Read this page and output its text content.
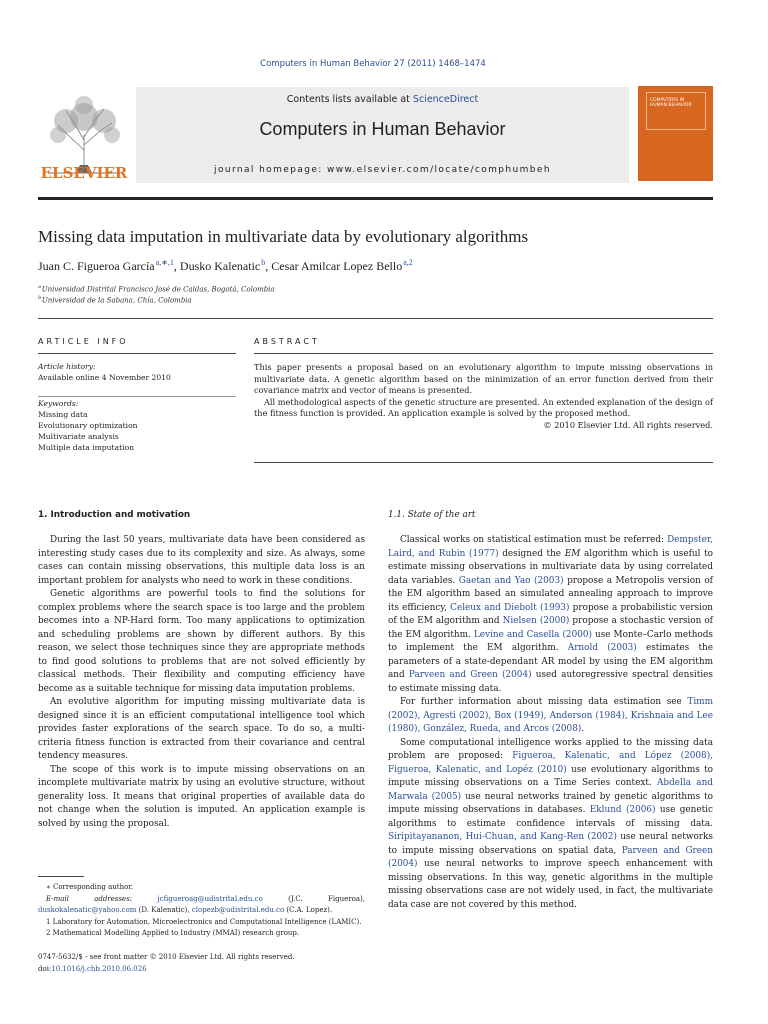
Computers in Human Behavior 27 (2011) 1468–1474
ELSEVIER
Contents lists available at ScienceDirect
Computers in Human Behavior
journal homepage: www.elsevier.com/locate/comphumbeh
COMPUTERS IN HUMAN BEHAVIOR
Missing data imputation in multivariate data by evolutionary algorithms
Juan C. Figueroa García $^{a,∗,1}$, Dusko Kalenatic $^b$, Cesar Amilcar Lopez Bello $^{a,2}$
$^a$ Universidad Distrital Francisco José de Caldas, Bogotá, Colombia
$^b$ Universidad de la Sabana, Chía, Colombia
ARTICLE INFO
Article history:
Available online 4 November 2010
Keywords:
Missing data
Evolutionary optimization
Multivariate analysis
Multiple data imputation
ABSTRACT

This paper presents a proposal based on an evolutionary algorithm to impute missing observations in multivariate data. A genetic algorithm based on the minimization of an error function derived from their covariance matrix and vector of means is presented.

All methodological aspects of the genetic structure are presented. An extended explanation of the design of the fitness function is provided. An application example is solved by the proposed method.

© 2010 Elsevier Ltd. All rights reserved.

1. Introduction and motivation

During the last 50 years, multivariate data have been considered as interesting study cases due to its complexity and size. As always, some cases can contain missing observations, this multiple data loss is an important problem for analysts who need to work in these conditions.

Genetic algorithms are powerful tools to find the solutions for complex problems where the search space is too large and the problem becomes into a NP-Hard form. Too many applications to optimization and scheduling problems are shown by different authors. By this reason, we select those techniques since they are appropriate methods to find good solutions to problems that are not solved efficiently by classical methods. Their flexibility and computing efficiency have become as a suitable technique for missing data imputation problems.

An evolutive algorithm for imputing missing multivariate data is designed since it is an efficient computational intelligence tool which provides faster explorations of the search space. To do so, a multi-criteria fitness function is extracted from their covariance and central tendency measures.

The scope of this work is to impute missing observations on an incomplete multivariate matrix by using an evolutive structure, without generality loss. It means that original properties of available data do not change when the solution is imputed. An application example is solved by using the proposal.

∗ Corresponding author.

E-mail addresses:	jcfigueroag@udistrital.edu.co	(J.C. Figueroa),

duskokalenatic@yahoo.com (D. Kalenatic), clopezb@udistrital.edu.co (C.A. Lopez).

1 Laboratory for Automation, Microelectronics and Computational Intelligence (LAMIC).

2 Mathematical Modelling Applied to Industry (MMAI) research group.

0747-5632/$ - see front matter © 2010 Elsevier Ltd. All rights reserved.
doi:10.1016/j.chb.2010.06.026
1.1. State of the art

Classical works on statistical estimation must be referred: Dempster, Laird, and Rubin (1977) designed the EM algorithm which is useful to estimate missing observations in multivariate data by using correlated data variables. Gaetan and Yao (2003) propose a Metropolis version of the EM algorithm based an simulated annealing approach to improve its efficiency, Celeux and Diebolt (1993) propose a probabilistic version of the EM algorithm and Nielsen (2000) propose a stochastic version of the EM algorithm. Levine and Casella (2000) use Monte–Carlo methods to implement the EM algorithm. Arnold (2003) estimates the parameters of a state-dependant AR model by using the EM algorithm and Parveen and Green (2004) used autoregressive spectral densities to estimate missing data.

For further information about missing data estimation see Timm (2002), Agresti (2002), Box (1949), Anderson (1984), Krishnaia and Lee (1980), González, Rueda, and Arcos (2008).

Some computational intelligence works applied to the missing data problem are proposed: Figueroa, Kalenatic, and López (2008), Figueroa, Kalenatic, and Lopéz (2010) use evolutionary algorithms to impute missing observations on a Time Series context. Abdella and Marwala (2005) use neural networks trained by genetic algorithms to impute missing observations in databases. Eklund (2006) use genetic algorithms to estimate confidence intervals of missing data. Siripitayananon, Hui-Chuan, and Kang-Ren (2002) use neural networks to impute missing observations on spatial data, Parveen and Green (2004) use neural networks to improve speech enhancement with missing observations. In this way, genetic algorithms in the multiple missing observations case are not widely used, in fact, the multivariate data case are not covered by this method.
